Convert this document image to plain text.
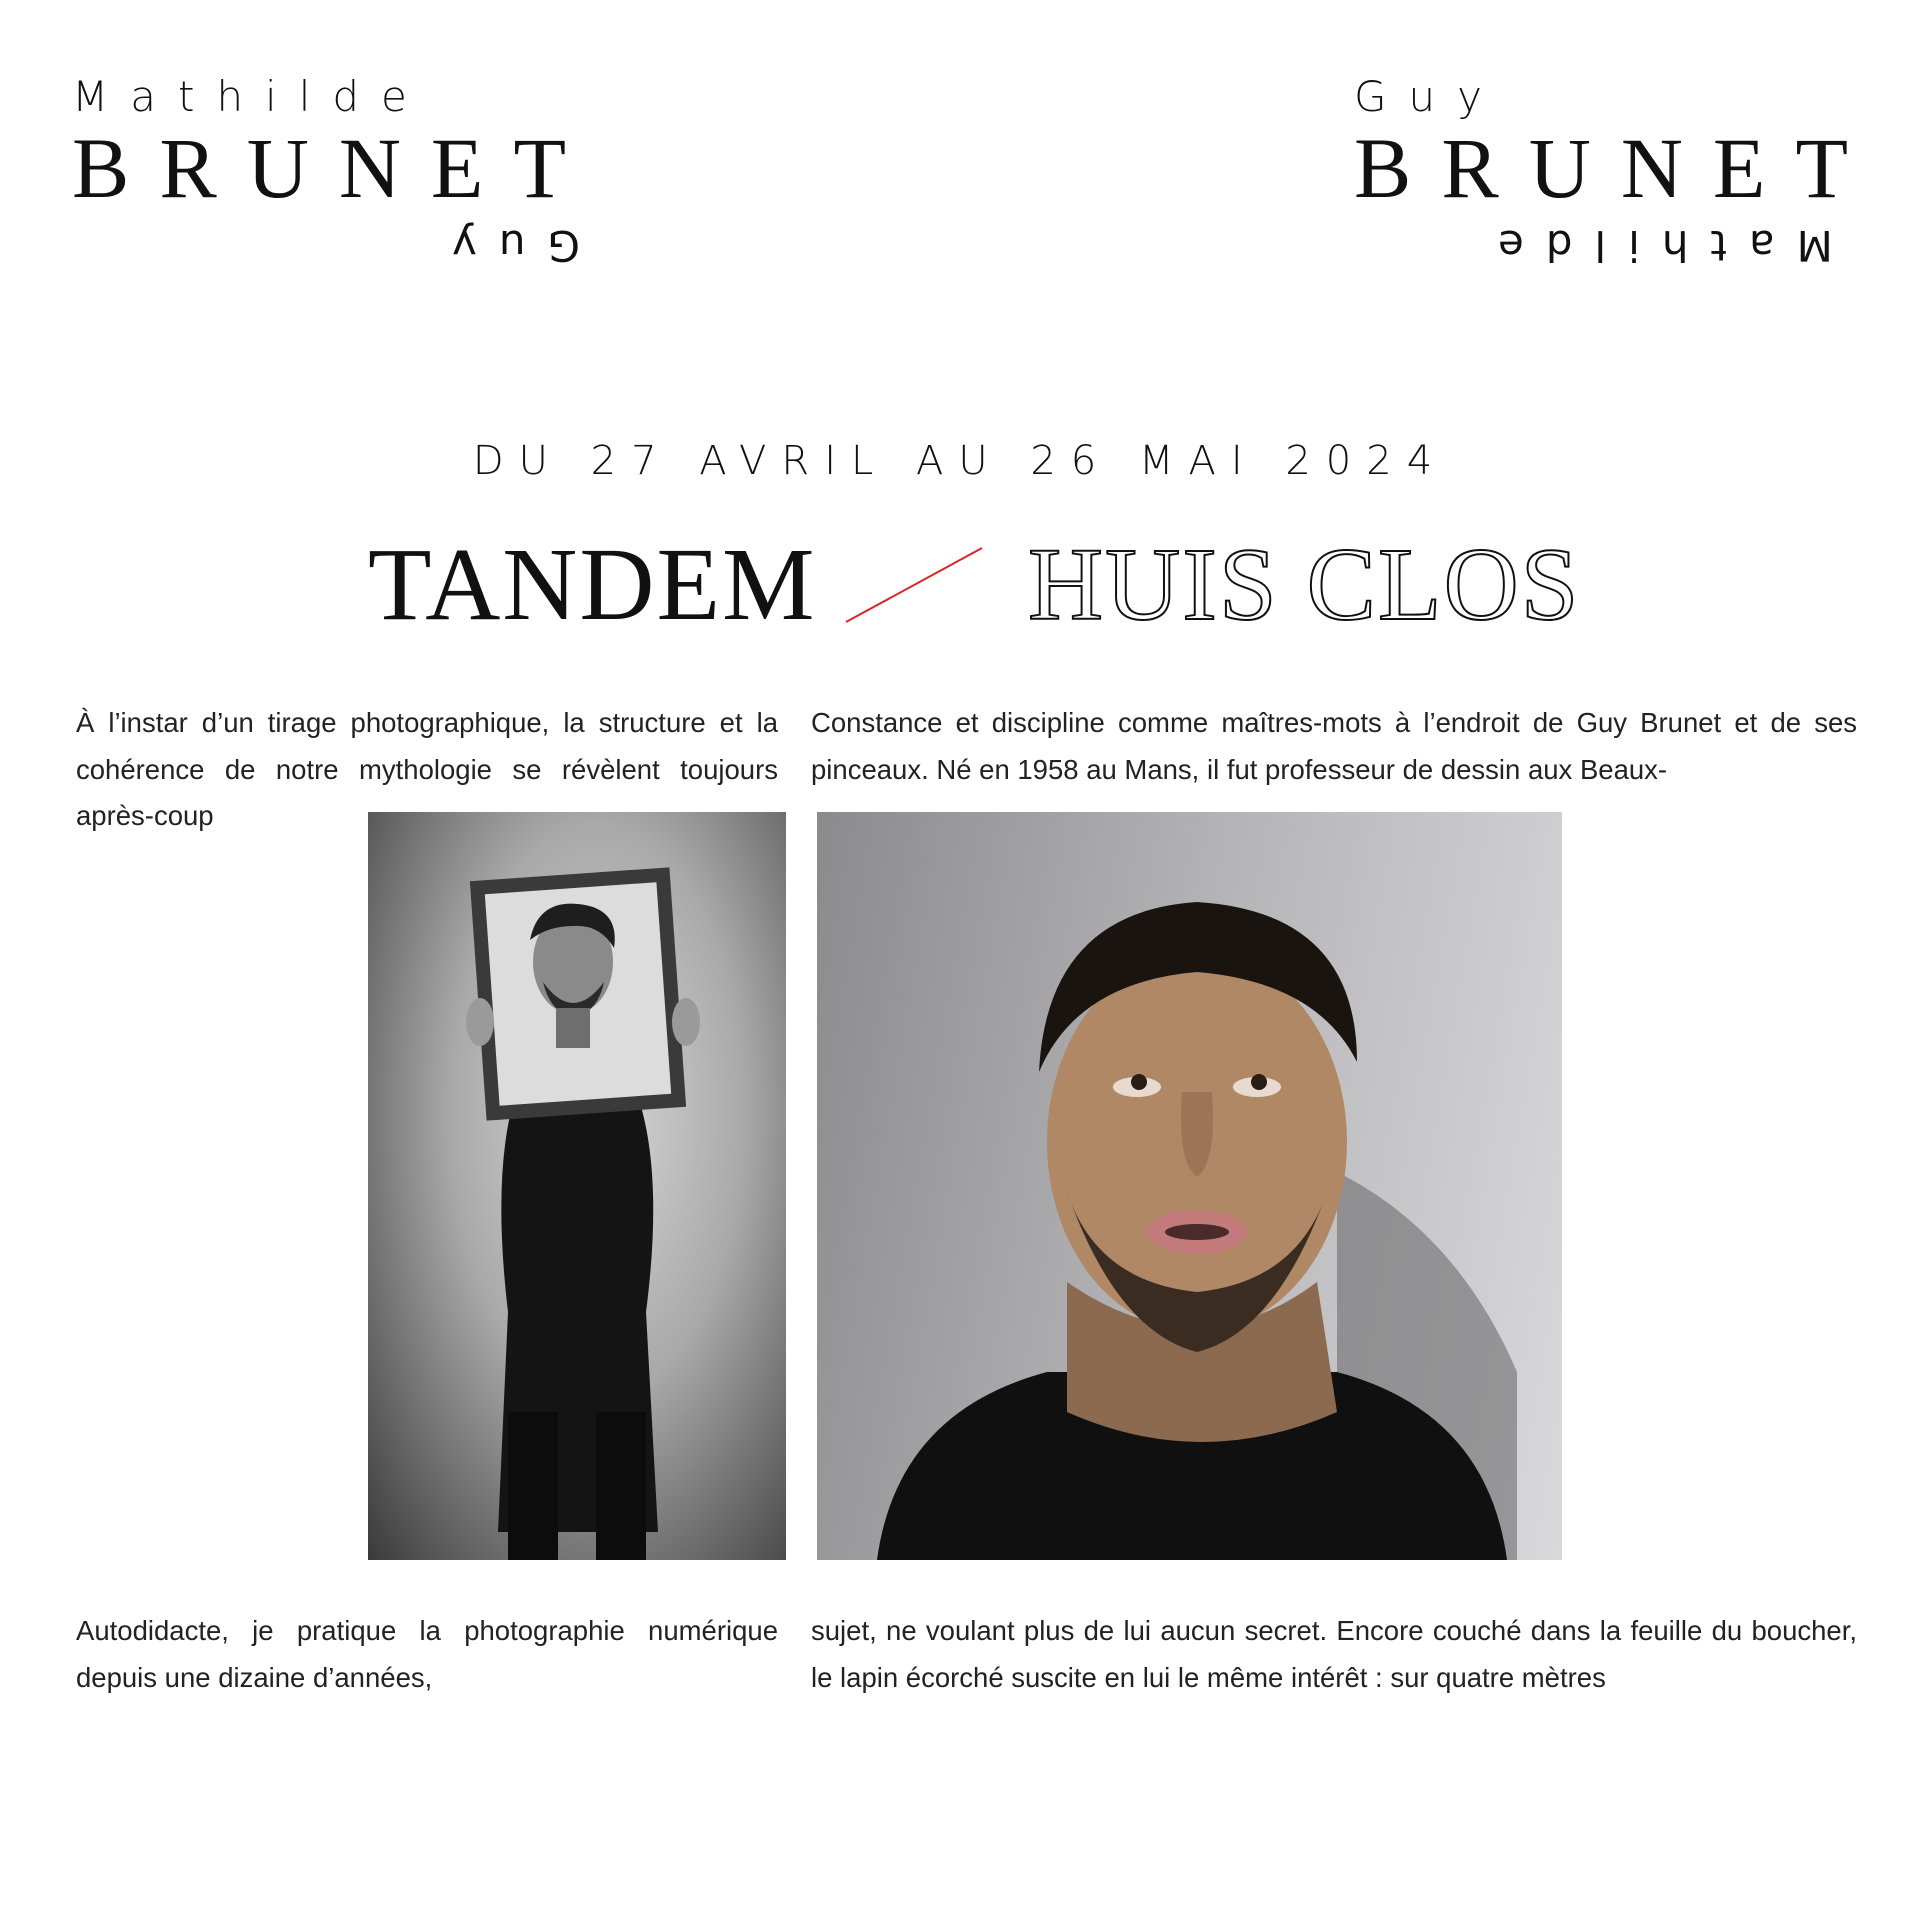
Mathilde
BRUNET
Guy
Guy
BRUNET
Mathilde
DU 27 AVRIL AU 26 MAI 2024
TANDEM HUIS CLOS

À l’instar d’un tirage photographique, la structure et la cohérence de notre mythologie se révèlent toujours après-coup

Autodidacte, je pratique la photographie numérique depuis une dizaine d’années,

Constance et discipline comme maîtres-mots à l’endroit de Guy Brunet et de ses pinceaux. Né en 1958 au Mans, il fut professeur de dessin aux Beaux-

sujet, ne voulant plus de lui aucun secret. Encore couché dans la feuille du boucher, le lapin écorché suscite en lui le même intérêt : sur quatre mètres
